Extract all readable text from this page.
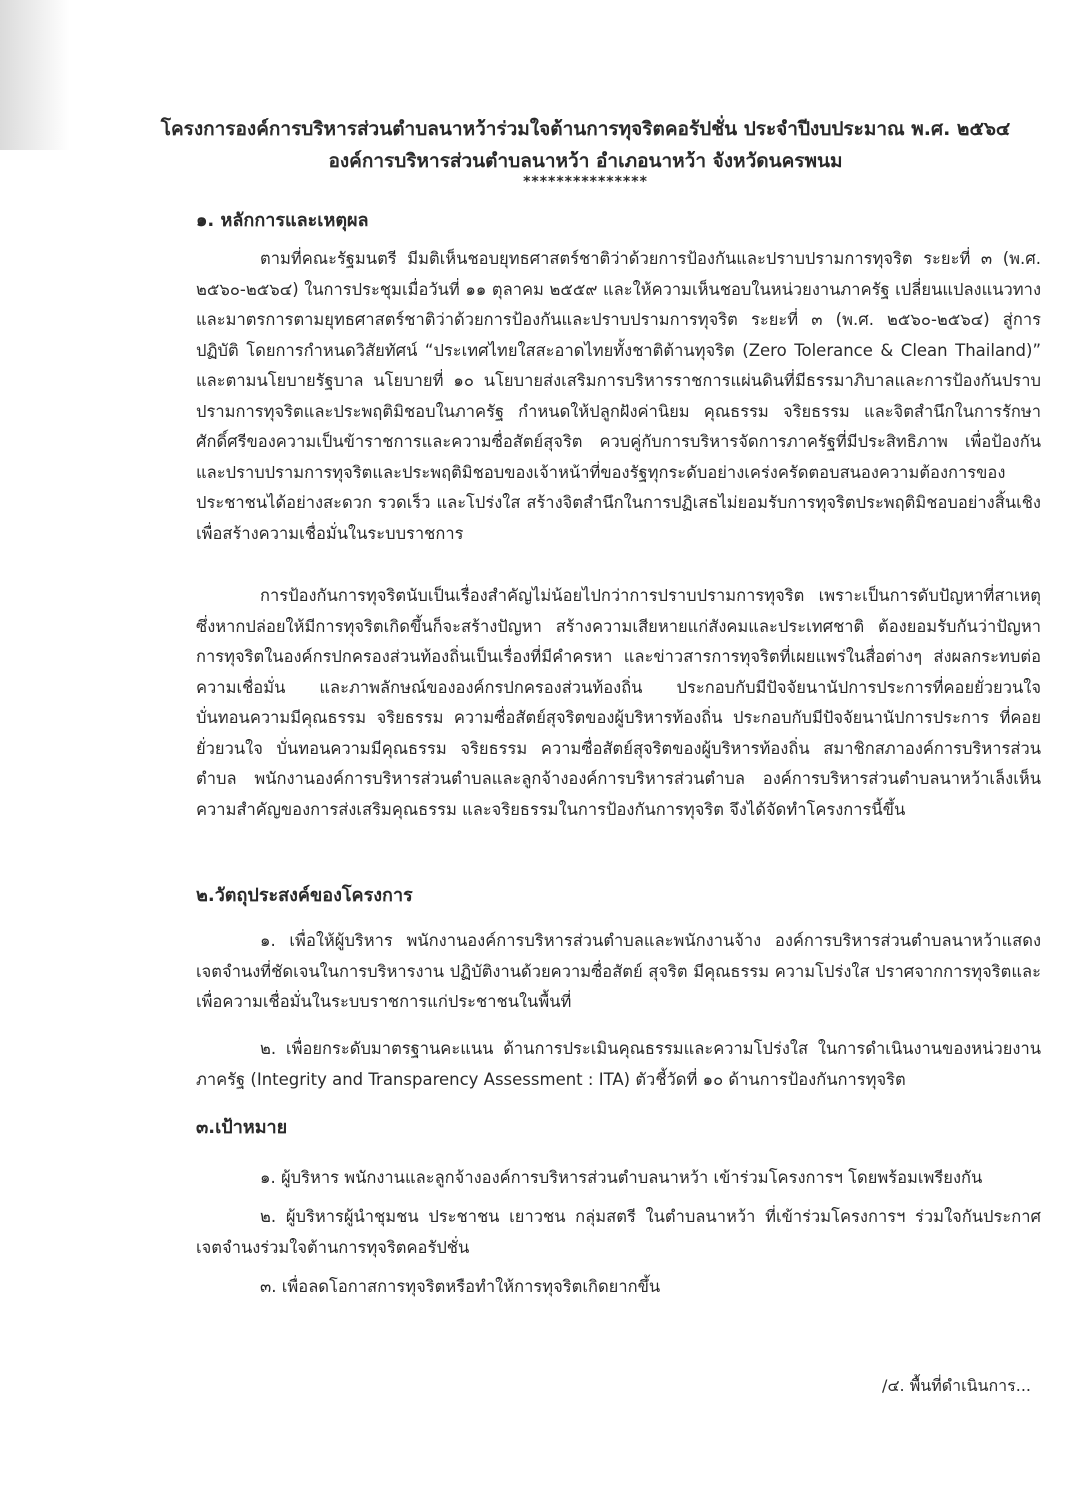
โครงการองค์การบริหารส่วนตำบลนาหว้าร่วมใจต้านการทุจริตคอรัปชั่น ประจำปีงบประมาณ พ.ศ. ๒๕๖๔
องค์การบริหารส่วนตำบลนาหว้า อำเภอนาหว้า จังหวัดนครพนม
***************
๑. หลักการและเหตุผล

ตามที่คณะรัฐมนตรี มีมติเห็นชอบยุทธศาสตร์ชาติว่าด้วยการป้องกันและปราบปรามการทุจริต ระยะที่ ๓ (พ.ศ. ๒๕๖๐-๒๕๖๔) ในการประชุมเมื่อวันที่ ๑๑ ตุลาคม ๒๕๕๙ และให้ความเห็นชอบในหน่วยงานภาครัฐ เปลี่ยนแปลงแนวทางและมาตรการตามยุทธศาสตร์ชาติว่าด้วยการป้องกันและปราบปรามการทุจริต ระยะที่ ๓ (พ.ศ. ๒๕๖๐-๒๕๖๔) สู่การปฏิบัติ โดยการกำหนดวิสัยทัศน์ “ประเทศไทยใสสะอาดไทยทั้งชาติต้านทุจริต (Zero Tolerance & Clean Thailand)” และตามนโยบายรัฐบาล นโยบายที่ ๑๐ นโยบายส่งเสริมการบริหารราชการแผ่นดินที่มีธรรมาภิบาลและการป้องกันปราบปรามการทุจริตและประพฤติมิชอบในภาครัฐ กำหนดให้ปลูกฝังค่านิยม คุณธรรม จริยธรรม และจิตสำนึกในการรักษาศักดิ์ศรีของความเป็นข้าราชการและความซื่อสัตย์สุจริต ควบคู่กับการบริหารจัดการภาครัฐที่มีประสิทธิภาพ เพื่อป้องกันและปราบปรามการทุจริตและประพฤติมิชอบของเจ้าหน้าที่ของรัฐทุกระดับอย่างเคร่งครัดตอบสนองความต้องการของประชาชนได้อย่างสะดวก รวดเร็ว และโปร่งใส สร้างจิตสำนึกในการปฏิเสธไม่ยอมรับการทุจริตประพฤติมิชอบอย่างสิ้นเชิง เพื่อสร้างความเชื่อมั่นในระบบราชการ

การป้องกันการทุจริตนับเป็นเรื่องสำคัญไม่น้อยไปกว่าการปราบปรามการทุจริต เพราะเป็นการดับปัญหาที่สาเหตุ ซึ่งหากปล่อยให้มีการทุจริตเกิดขึ้นก็จะสร้างปัญหา สร้างความเสียหายแก่สังคมและประเทศชาติ ต้องยอมรับกันว่าปัญหาการทุจริตในองค์กรปกครองส่วนท้องถิ่นเป็นเรื่องที่มีคำครหา และข่าวสารการทุจริตที่เผยแพร่ในสื่อต่างๆ ส่งผลกระทบต่อความเชื่อมั่น และภาพลักษณ์ขององค์กรปกครองส่วนท้องถิ่น ประกอบกับมีปัจจัยนานัปการประการที่คอยยั่วยวนใจ บั่นทอนความมีคุณธรรม จริยธรรม ความซื่อสัตย์สุจริตของผู้บริหารท้องถิ่น ประกอบกับมีปัจจัยนานัปการประการ ที่คอยยั่วยวนใจ บั่นทอนความมีคุณธรรม จริยธรรม ความซื่อสัตย์สุจริตของผู้บริหารท้องถิ่น สมาชิกสภาองค์การบริหารส่วนตำบล พนักงานองค์การบริหารส่วนตำบลและลูกจ้างองค์การบริหารส่วนตำบล องค์การบริหารส่วนตำบลนาหว้าเล็งเห็นความสำคัญของการส่งเสริมคุณธรรม และจริยธรรมในการป้องกันการทุจริต จึงได้จัดทำโครงการนี้ขึ้น

๒.วัตถุประสงค์ของโครงการ

๑. เพื่อให้ผู้บริหาร พนักงานองค์การบริหารส่วนตำบลและพนักงานจ้าง องค์การบริหารส่วนตำบลนาหว้าแสดงเจตจำนงที่ชัดเจนในการบริหารงาน ปฏิบัติงานด้วยความซื่อสัตย์ สุจริต มีคุณธรรม ความโปร่งใส ปราศจากการทุจริตและเพื่อความเชื่อมั่นในระบบราชการแก่ประชาชนในพื้นที่

๒. เพื่อยกระดับมาตรฐานคะแนน ด้านการประเมินคุณธรรมและความโปร่งใส ในการดำเนินงานของหน่วยงานภาครัฐ (Integrity and Transparency Assessment : ITA) ตัวชี้วัดที่ ๑๐ ด้านการป้องกันการทุจริต

๓.เป้าหมาย

๑. ผู้บริหาร พนักงานและลูกจ้างองค์การบริหารส่วนตำบลนาหว้า เข้าร่วมโครงการฯ โดยพร้อมเพรียงกัน

๒. ผู้บริหารผู้นำชุมชน ประชาชน เยาวชน กลุ่มสตรี ในตำบลนาหว้า ที่เข้าร่วมโครงการฯ ร่วมใจกันประกาศเจตจำนงร่วมใจต้านการทุจริตคอรัปชั่น

๓. เพื่อลดโอกาสการทุจริตหรือทำให้การทุจริตเกิดยากขึ้น

/๔. พื้นที่ดำเนินการ...
